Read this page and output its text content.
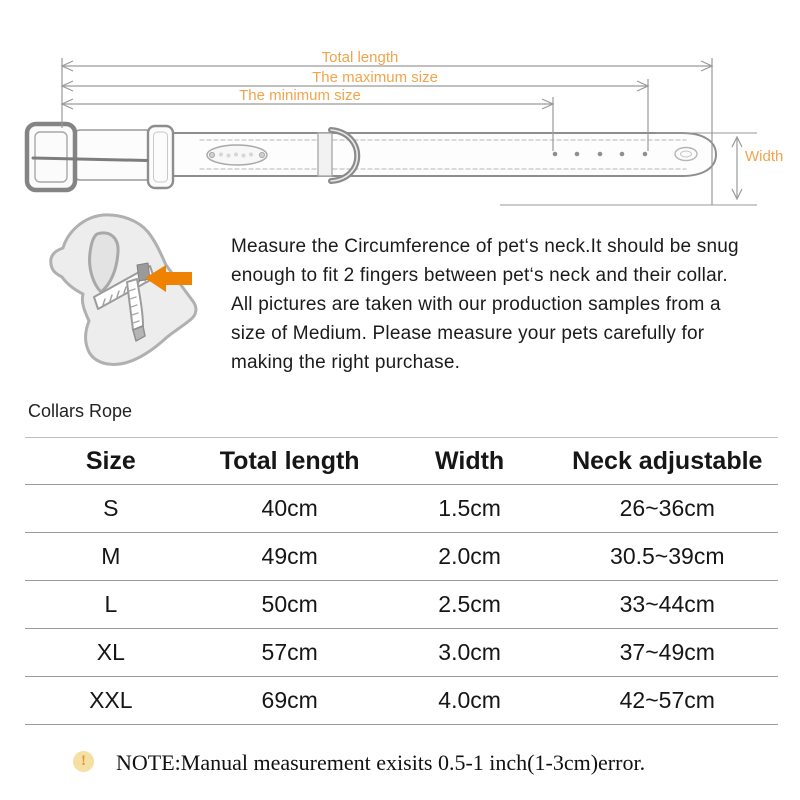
Total length
The maximum size
The minimum size
Width
Measure the Circumference of pet‘s neck.It should be snug
enough to fit 2 fingers between pet‘s neck and their collar.
All pictures are taken with our production samples from a
size of Medium. Please measure your pets carefully for
making the right purchase.
Collars Rope
Size	Total length	Width	Neck adjustable
S	40cm	1.5cm	26~36cm
M	49cm	2.0cm	30.5~39cm
L	50cm	2.5cm	33~44cm
XL	57cm	3.0cm	37~49cm
XXL	69cm	4.0cm	42~57cm
!	NOTE:Manual measurement exisits 0.5-1 inch(1-3cm)error.
